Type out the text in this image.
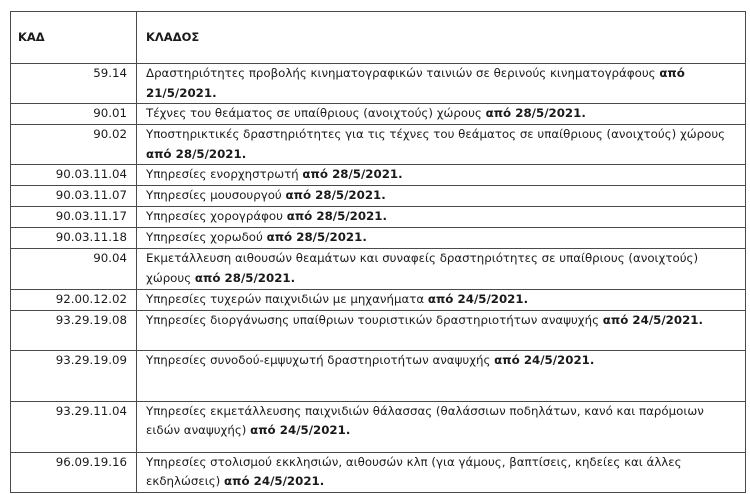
ΚΑΔ	ΚΛΑΔΟΣ
59.14	Δραστηριότητες προβολής κινηματογραφικών ταινιών σε θερινούς κινηματογράφους από 21/5/2021.
90.01	Τέχνες του θεάματος σε υπαίθριους (ανοιχτούς) χώρους από 28/5/2021.
90.02	Υποστηρικτικές δραστηριότητες για τις τέχνες του θεάματος σε υπαίθριους (ανοιχτούς) χώρους από 28/5/2021.
90.03.11.04	Υπηρεσίες ενορχηστρωτή από 28/5/2021.
90.03.11.07	Υπηρεσίες μουσουργού από 28/5/2021.
90.03.11.17	Υπηρεσίες χορογράφου από 28/5/2021.
90.03.11.18	Υπηρεσίες χορωδού από 28/5/2021.
90.04	Εκμετάλλευση αιθουσών θεαμάτων και συναφείς δραστηριότητες σε υπαίθριους (ανοιχτούς) χώρους από 28/5/2021.
92.00.12.02	Υπηρεσίες τυχερών παιχνιδιών με μηχανήματα από 24/5/2021.
93.29.19.08	Υπηρεσίες διοργάνωσης υπαίθριων τουριστικών δραστηριοτήτων αναψυχής από 24/5/2021.
93.29.19.09	Υπηρεσίες συνοδού-εμψυχωτή δραστηριοτήτων αναψυχής από 24/5/2021.
93.29.11.04	Υπηρεσίες εκμετάλλευσης παιχνιδιών θάλασσας (θαλάσσιων ποδηλάτων, κανό και παρόμοιων ειδών αναψυχής) από 24/5/2021.
96.09.19.16	Υπηρεσίες στολισμού εκκλησιών, αιθουσών κλπ (για γάμους, βαπτίσεις, κηδείες και άλλες εκδηλώσεις) από 24/5/2021.
